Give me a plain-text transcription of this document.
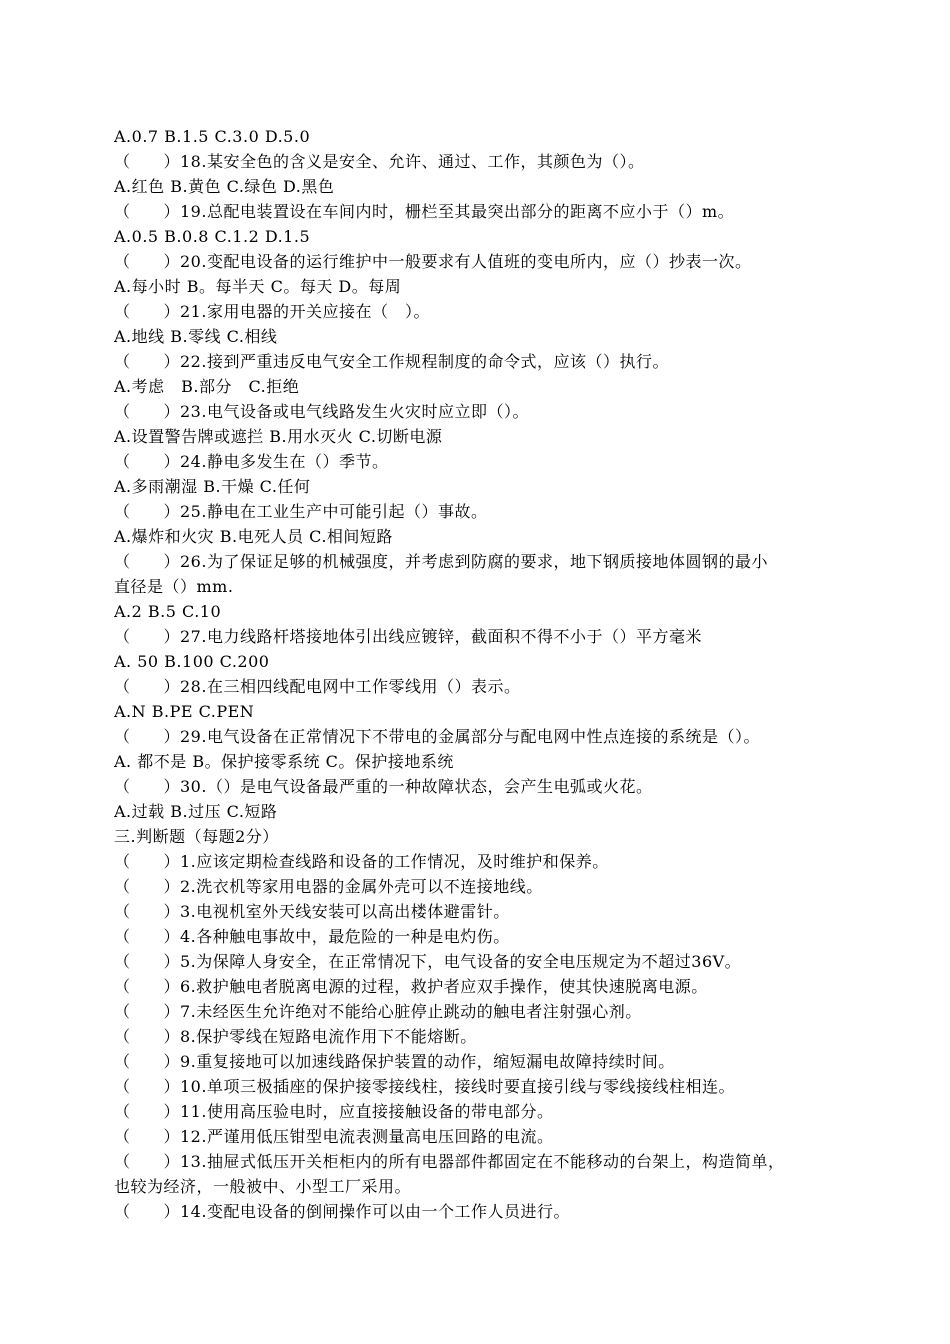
A.0.7 B.1.5 C.3.0 D.5.0
（　　）18.某安全色的含义是安全、允许、通过、工作，其颜色为（）。
A.红色 B.黄色 C.绿色 D.黑色
（　　）19.总配电装置设在车间内时，栅栏至其最突出部分的距离不应小于（）m。
A.0.5 B.0.8 C.1.2 D.1.5
（　　）20.变配电设备的运行维护中一般要求有人值班的变电所内，应（）抄表一次。
A.每小时 B。每半天 C。每天 D。每周
（　　）21.家用电器的开关应接在（　）。
A.地线 B.零线 C.相线
（　　）22.接到严重违反电气安全工作规程制度的命令式，应该（）执行。
A.考虑　B.部分　C.拒绝
（　　）23.电气设备或电气线路发生火灾时应立即（）。
A.设置警告牌或遮拦 B.用水灭火 C.切断电源
（　　）24.静电多发生在（）季节。
A.多雨潮湿 B.干燥 C.任何
（　　）25.静电在工业生产中可能引起（）事故。
A.爆炸和火灾 B.电死人员 C.相间短路
（　　）26.为了保证足够的机械强度，并考虑到防腐的要求，地下钢质接地体圆钢的最小
直径是（）mm.
A.2 B.5 C.10
（　　）27.电力线路杆塔接地体引出线应镀锌，截面积不得不小于（）平方毫米
A. 50 B.100 C.200
（　　）28.在三相四线配电网中工作零线用（）表示。
A.N B.PE C.PEN
（　　）29.电气设备在正常情况下不带电的金属部分与配电网中性点连接的系统是（）。
A. 都不是 B。保护接零系统 C。保护接地系统
（　　）30.（）是电气设备最严重的一种故障状态，会产生电弧或火花。
A.过载 B.过压 C.短路
三.判断题（每题2分）
（　　）1.应该定期检查线路和设备的工作情况，及时维护和保养。
（　　）2.洗衣机等家用电器的金属外壳可以不连接地线。
（　　）3.电视机室外天线安装可以高出楼体避雷针。
（　　）4.各种触电事故中，最危险的一种是电灼伤。
（　　）5.为保障人身安全，在正常情况下，电气设备的安全电压规定为不超过36V。
（　　）6.救护触电者脱离电源的过程，救护者应双手操作，使其快速脱离电源。
（　　）7.未经医生允许绝对不能给心脏停止跳动的触电者注射强心剂。
（　　）8.保护零线在短路电流作用下不能熔断。
（　　）9.重复接地可以加速线路保护装置的动作，缩短漏电故障持续时间。
（　　）10.单项三极插座的保护接零接线柱，接线时要直接引线与零线接线柱相连。
（　　）11.使用高压验电时，应直接接触设备的带电部分。
（　　）12.严谨用低压钳型电流表测量高电压回路的电流。
（　　）13.抽屉式低压开关柜柜内的所有电器部件都固定在不能移动的台架上，构造简单，
也较为经济，一般被中、小型工厂采用。
（　　）14.变配电设备的倒闸操作可以由一个工作人员进行。
